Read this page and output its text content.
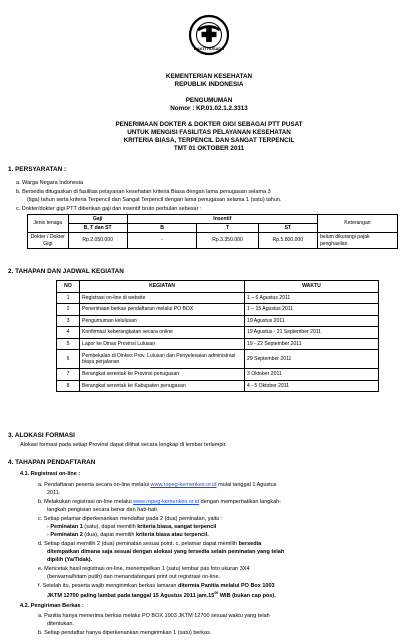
BAKTI HUSADA
KEMENTERIAN KESEHATAN
REPUBLIK INDONESIA
PENGUMUMAN
Nomor : KP.01.02.1.2.3313
PENERIMAAN DOKTER & DOKTER GIGI SEBAGAI PTT PUSAT
UNTUK MENGISI FASILITAS PELAYANAN KESEHATAN
KRITERIA BIASA, TERPENCIL DAN SANGAT TERPENCIL
TMT 01 OKTOBER 2011
1. PERSYARATAN :
a. Warga Negara Indonesia
b. Bersedia ditugaskan di fasilitas pelayanan kesehatan kriteria Biasa dengan lama penugasan selama 3
(tiga) tahun serta kriteria Terpencil dan Sangat Terpencil dengan lama penugasan selama 1 (satu) tahun.
c. Dokter/dokter gigi PTT diberikan gaji dan insentif bruto perbulan sebesar :
Jenis tenaga	Gaji	Insentif			Keterangan
	B, T dan ST	B	T	ST	
Dokter / Dokter Gigi	Rp.2.050.000	-	Rp.3.350.000	Rp.5.800.000	belum dikurangi pajak penghasilan
2. TAHAPAN DAN JADWAL KEGIATAN
NO	KEGIATAN	WAKTU
1	Registrasi on-line di website	1 – 6 Agustus 2011
2	Penerimaan berkas pendaftaran melalui PO BOX	1 – 15 Agustus 2011
3	Pengumuman kelulusan	19 Agustus 2011
4	Konfirmasi keberangkatan secara online	19 Agustus - 21 September 2011
5	Lapor ke Dinas Provinsi Lulusan	19 - 22 September 2011
6	Pembekalan di Dinkes Prov. Lulusan dan Penyelesaian administrasi biaya perjalanan	29 September 2011
7	Berangkat serentak ke Provinsi penugasan	3 Oktober 2011
8	Berangkat serentak ke Kabupaten penugasan	4 - 5 Oktober 2011
3. ALOKASI FORMASI
Alokasi formasi pada setiap Provinsi dapat dilihat secara lengkap di lembar terlampir.
4. TAHAPAN PENDAFTARAN
4.1. Registrasi on-line :
a. Pendaftaran peserta secara on-line melalui www.ropeg-kemenkes.or.id mulai tanggal 1 Agustus
2011.
b. Melakukan registrasi on-line melalui www.ropeg-kemenkes.or.id dengan memperhatikan langkah-
langkah pengisian secara benar dan hati-hati.
c. Setiap pelamar diperkenankan mendaftar pada 2 (dua) peminatan, yaitu :
- Peminatan 1 (satu), dapat memilih kriteria biasa, sangat terpencil
- Peminatan 2 (dua), dapat memilih kriteria biasa atau terpencil.
d. Setiap dapat memilih 2 (dua) peminatan sesuai point. c, pelamar dapat memilih bersedia
ditempatkan dimana saja sesuai dengan alokasi yang tersedia selain peminatan yang telah
dipilih (Ya/Tidak).
e. Mencetak hasil registrasi on-line, menempelkan 1 (satu) lembar pas foto ukuran 3X4
(berwarna/hitam putih) dan menandatangani print out registrasi on-line.
f. Setelah itu, peserta wajib mengirimkan berkas lamaran ditermia Panitia melalui PO Box 1003
JKTM 12700 paling lambat pada tanggal 15 Agustus 2011 $jam.15^{00}$ WIB (bukan cap pos).
4.2. Pengiriman Berkas :
a. Panitia hanya menerima berkas melalui PO BOX 1003 JKTM 12700 sesuai waktu yang telah
ditentukan.
b. Setiap pendaftar hanya diperkenankan mengirimkan 1 (satu) berkas.
